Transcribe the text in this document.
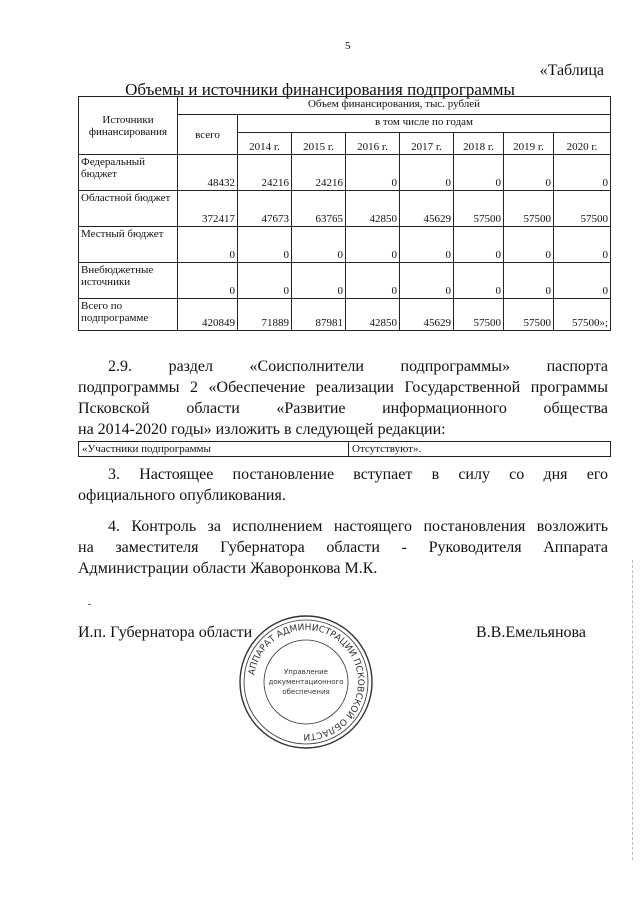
5
«Таблица
Объемы и источники финансирования подпрограммы
Источники финансирования	Объем финансирования, тыс. рублей							
	всего	в том числе по годам						
		2014 г.	2015 г.	2016 г.	2017 г.	2018 г.	2019 г.	2020 г.
Федеральный бюджет	48432	24216	24216	0	0	0	0	0
Областной бюджет	372417	47673	63765	42850	45629	57500	57500	57500
Местный бюджет	0	0	0	0	0	0	0	0
Внебюджетные источники	0	0	0	0	0	0	0	0
Всего по подпрограмме	420849	71889	87981	42850	45629	57500	57500	57500»;
2.9. раздел «Соисполнители подпрограммы» паспорта
подпрограммы 2 «Обеспечение реализации Государственной программы
Псковской области «Развитие информационного общества
на 2014-2020 годы» изложить в следующей редакции:
«Участники подпрограммы	Отсутствуют».
3. Настоящее постановление вступает в силу со дня его
официального опубликования.
4. Контроль за исполнением настоящего постановления возложить
на заместителя Губернатора области - Руководителя Аппарата
Администрации области Жаворонкова М.К.
И.п. Губернатора области	В.В.Емельянова
АППАРАТ АДМИНИСТРАЦИИ ПСКОВСКОЙ ОБЛАСТИ
Управление
документационного
обеспечения
